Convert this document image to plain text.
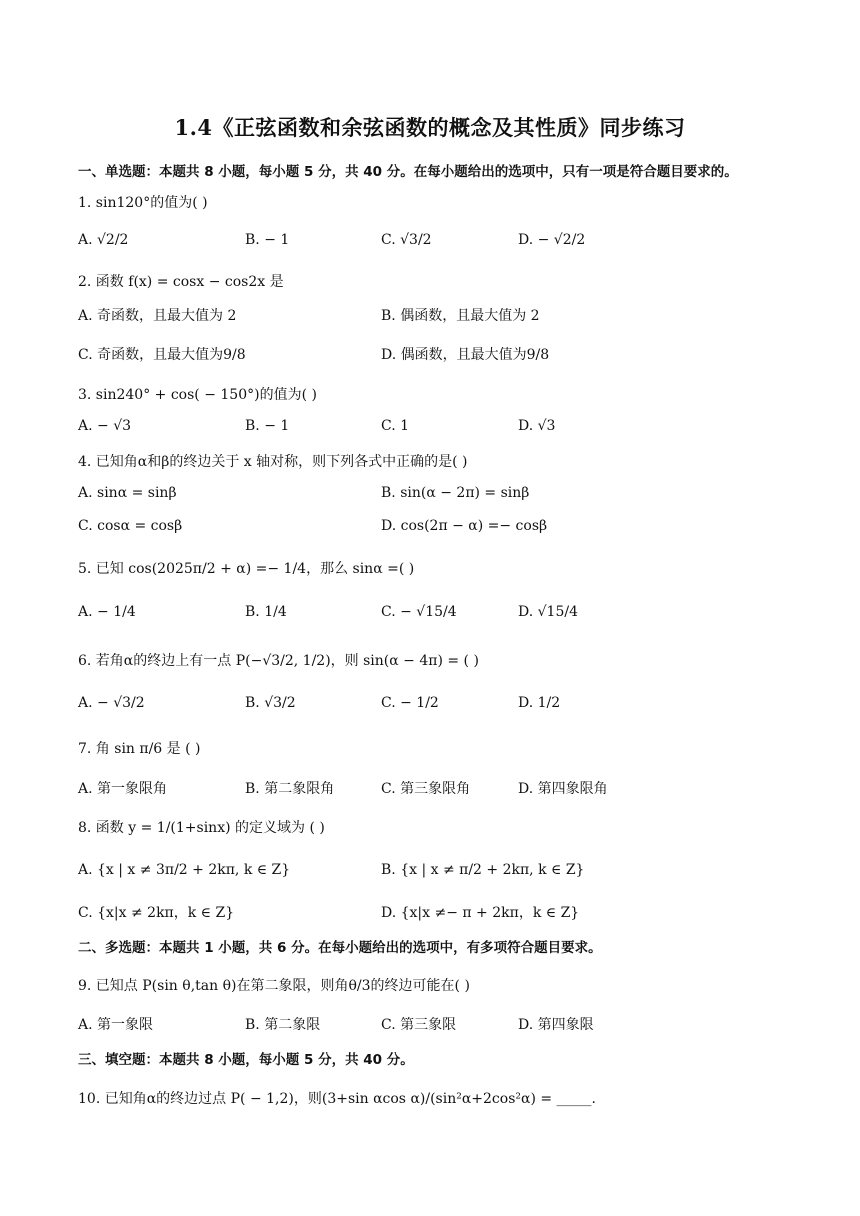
1.4《正弦函数和余弦函数的概念及其性质》同步练习
一、单选题：本题共 8 小题，每小题 5 分，共 40 分。在每小题给出的选项中，只有一项是符合题目要求的。
1. sin120°的值为( )
A. √2/2	B. − 1	C. √3/2	D. − √2/2
2. 函数 f(x) = cosx − cos2x 是
A. 奇函数，且最大值为 2	B. 偶函数，且最大值为 2
C. 奇函数，且最大值为9/8	D. 偶函数，且最大值为9/8
3. sin240° + cos( − 150°)的值为( )
A. − √3	B. − 1	C. 1	D. √3
4. 已知角α和β的终边关于 x 轴对称，则下列各式中正确的是( )
A. sinα = sinβ	B. sin(α − 2π) = sinβ
C. cosα = cosβ	D. cos(2π − α) =− cosβ
5. 已知 cos(2025π/2 + α) =− 1/4，那么 sinα =( )
A. − 1/4	B. 1/4	C. − √15/4	D. √15/4
6. 若角α的终边上有一点 P(−√3/2, 1/2)，则 sin(α − 4π) = ( )
A. − √3/2	B. √3/2	C. − 1/2	D. 1/2
7. 角 sin π/6 是 ( )
A. 第一象限角	B. 第二象限角	C. 第三象限角	D. 第四象限角
8. 函数 y = 1/(1+sinx) 的定义域为 ( )
A. {x | x ≠ 3π/2 + 2kπ, k ∈ Z}	B. {x | x ≠ π/2 + 2kπ, k ∈ Z}
C. {x|x ≠ 2kπ，k ∈ Z}	D. {x|x ≠− π + 2kπ，k ∈ Z}
二、多选题：本题共 1 小题，共 6 分。在每小题给出的选项中，有多项符合题目要求。
9. 已知点 P(sin θ,tan θ)在第二象限，则角θ/3的终边可能在( )
A. 第一象限	B. 第二象限	C. 第三象限	D. 第四象限
三、填空题：本题共 8 小题，每小题 5 分，共 40 分。
10. 已知角α的终边过点 P( − 1,2)，则(3+sin αcos α)/(sin²α+2cos²α) = _____.
